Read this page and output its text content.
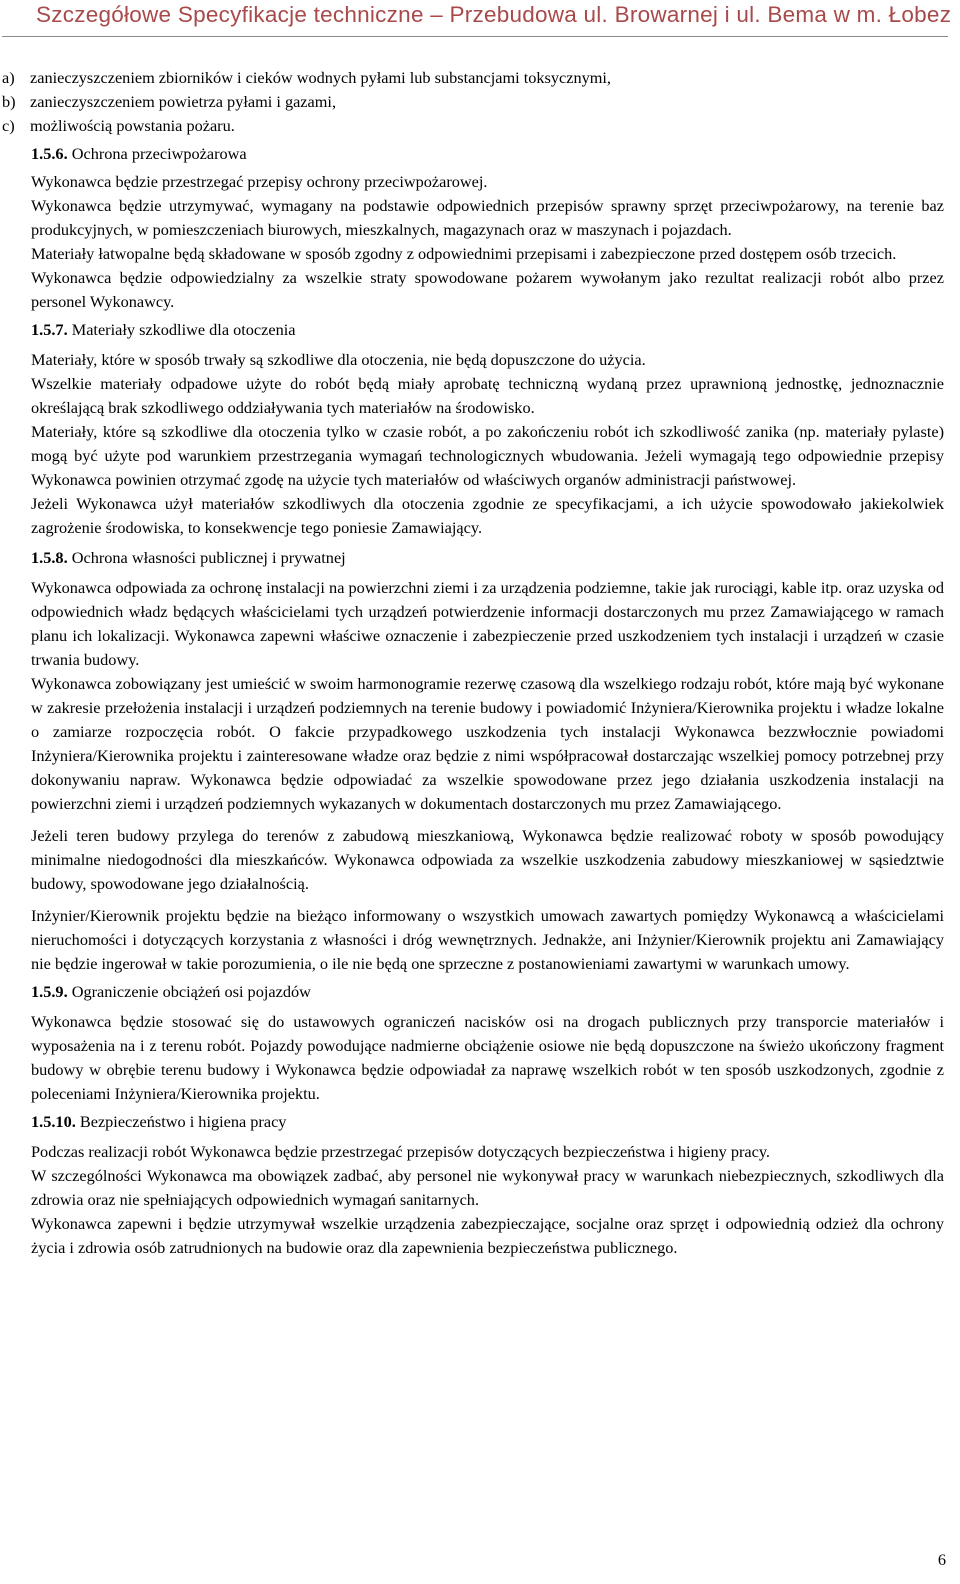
Szczegółowe Specyfikacje techniczne – Przebudowa ul. Browarnej i ul. Bema w m. Łobez
a) zanieczyszczeniem zbiorników i cieków wodnych pyłami lub substancjami toksycznymi,
b) zanieczyszczeniem powietrza pyłami i gazami,
c) możliwością powstania pożaru.
1.5.6. Ochrona przeciwpożarowa

Wykonawca będzie przestrzegać przepisy ochrony przeciwpożarowej.

Wykonawca będzie utrzymywać, wymagany na podstawie odpowiednich przepisów sprawny sprzęt przeciwpożarowy, na terenie baz produkcyjnych, w pomieszczeniach biurowych, mieszkalnych, magazynach oraz w maszynach i pojazdach.

Materiały łatwopalne będą składowane w sposób zgodny z odpowiednimi przepisami i zabezpieczone przed dostępem osób trzecich.

Wykonawca będzie odpowiedzialny za wszelkie straty spowodowane pożarem wywołanym jako rezultat realizacji robót albo przez personel Wykonawcy.

1.5.7. Materiały szkodliwe dla otoczenia

Materiały, które w sposób trwały są szkodliwe dla otoczenia, nie będą dopuszczone do użycia.

Wszelkie materiały odpadowe użyte do robót będą miały aprobatę techniczną wydaną przez uprawnioną jednostkę, jednoznacznie określającą brak szkodliwego oddziaływania tych materiałów na środowisko.

Materiały, które są szkodliwe dla otoczenia tylko w czasie robót, a po zakończeniu robót ich szkodliwość zanika (np. materiały pylaste) mogą być użyte pod warunkiem przestrzegania wymagań technologicznych wbudowania. Jeżeli wymagają tego odpowiednie przepisy Wykonawca powinien otrzymać zgodę na użycie tych materiałów od właściwych organów administracji państwowej.

Jeżeli Wykonawca użył materiałów szkodliwych dla otoczenia zgodnie ze specyfikacjami, a ich użycie spowodowało jakiekolwiek zagrożenie środowiska, to konsekwencje tego poniesie Zamawiający.

1.5.8. Ochrona własności publicznej i prywatnej

Wykonawca odpowiada za ochronę instalacji na powierzchni ziemi i za urządzenia podziemne, takie jak rurociągi, kable itp. oraz uzyska od odpowiednich władz będących właścicielami tych urządzeń potwierdzenie informacji dostarczonych mu przez Zamawiającego w ramach planu ich lokalizacji. Wykonawca zapewni właściwe oznaczenie i zabezpieczenie przed uszkodzeniem tych instalacji i urządzeń w czasie trwania budowy.

Wykonawca zobowiązany jest umieścić w swoim harmonogramie rezerwę czasową dla wszelkiego rodzaju robót, które mają być wykonane w zakresie przełożenia instalacji i urządzeń podziemnych na terenie budowy i powiadomić Inżyniera/Kierownika projektu i władze lokalne o zamiarze rozpoczęcia robót. O fakcie przypadkowego uszkodzenia tych instalacji Wykonawca bezzwłocznie powiadomi Inżyniera/Kierownika projektu i zainteresowane władze oraz będzie z nimi współpracował dostarczając wszelkiej pomocy potrzebnej przy dokonywaniu napraw. Wykonawca będzie odpowiadać za wszelkie spowodowane przez jego działania uszkodzenia instalacji na powierzchni ziemi i urządzeń podziemnych wykazanych w dokumentach dostarczonych mu przez Zamawiającego.

Jeżeli teren budowy przylega do terenów z zabudową mieszkaniową, Wykonawca będzie realizować roboty w sposób powodujący minimalne niedogodności dla mieszkańców. Wykonawca odpowiada za wszelkie uszkodzenia zabudowy mieszkaniowej w sąsiedztwie budowy, spowodowane jego działalnością.

Inżynier/Kierownik projektu będzie na bieżąco informowany o wszystkich umowach zawartych pomiędzy Wykonawcą a właścicielami nieruchomości i dotyczących korzystania z własności i dróg wewnętrznych. Jednakże, ani Inżynier/Kierownik projektu ani Zamawiający nie będzie ingerował w takie porozumienia, o ile nie będą one sprzeczne z postanowieniami zawartymi w warunkach umowy.

1.5.9. Ograniczenie obciążeń osi pojazdów

Wykonawca będzie stosować się do ustawowych ograniczeń nacisków osi na drogach publicznych przy transporcie materiałów i wyposażenia na i z terenu robót. Pojazdy powodujące nadmierne obciążenie osiowe nie będą dopuszczone na świeżo ukończony fragment budowy w obrębie terenu budowy i Wykonawca będzie odpowiadał za naprawę wszelkich robót w ten sposób uszkodzonych, zgodnie z poleceniami Inżyniera/Kierownika projektu.

1.5.10. Bezpieczeństwo i higiena pracy

Podczas realizacji robót Wykonawca będzie przestrzegać przepisów dotyczących bezpieczeństwa i higieny pracy.

W szczególności Wykonawca ma obowiązek zadbać, aby personel nie wykonywał pracy w warunkach niebezpiecznych, szkodliwych dla zdrowia oraz nie spełniających odpowiednich wymagań sanitarnych.

Wykonawca zapewni i będzie utrzymywał wszelkie urządzenia zabezpieczające, socjalne oraz sprzęt i odpowiednią odzież dla ochrony życia i zdrowia osób zatrudnionych na budowie oraz dla zapewnienia bezpieczeństwa publicznego.

6
